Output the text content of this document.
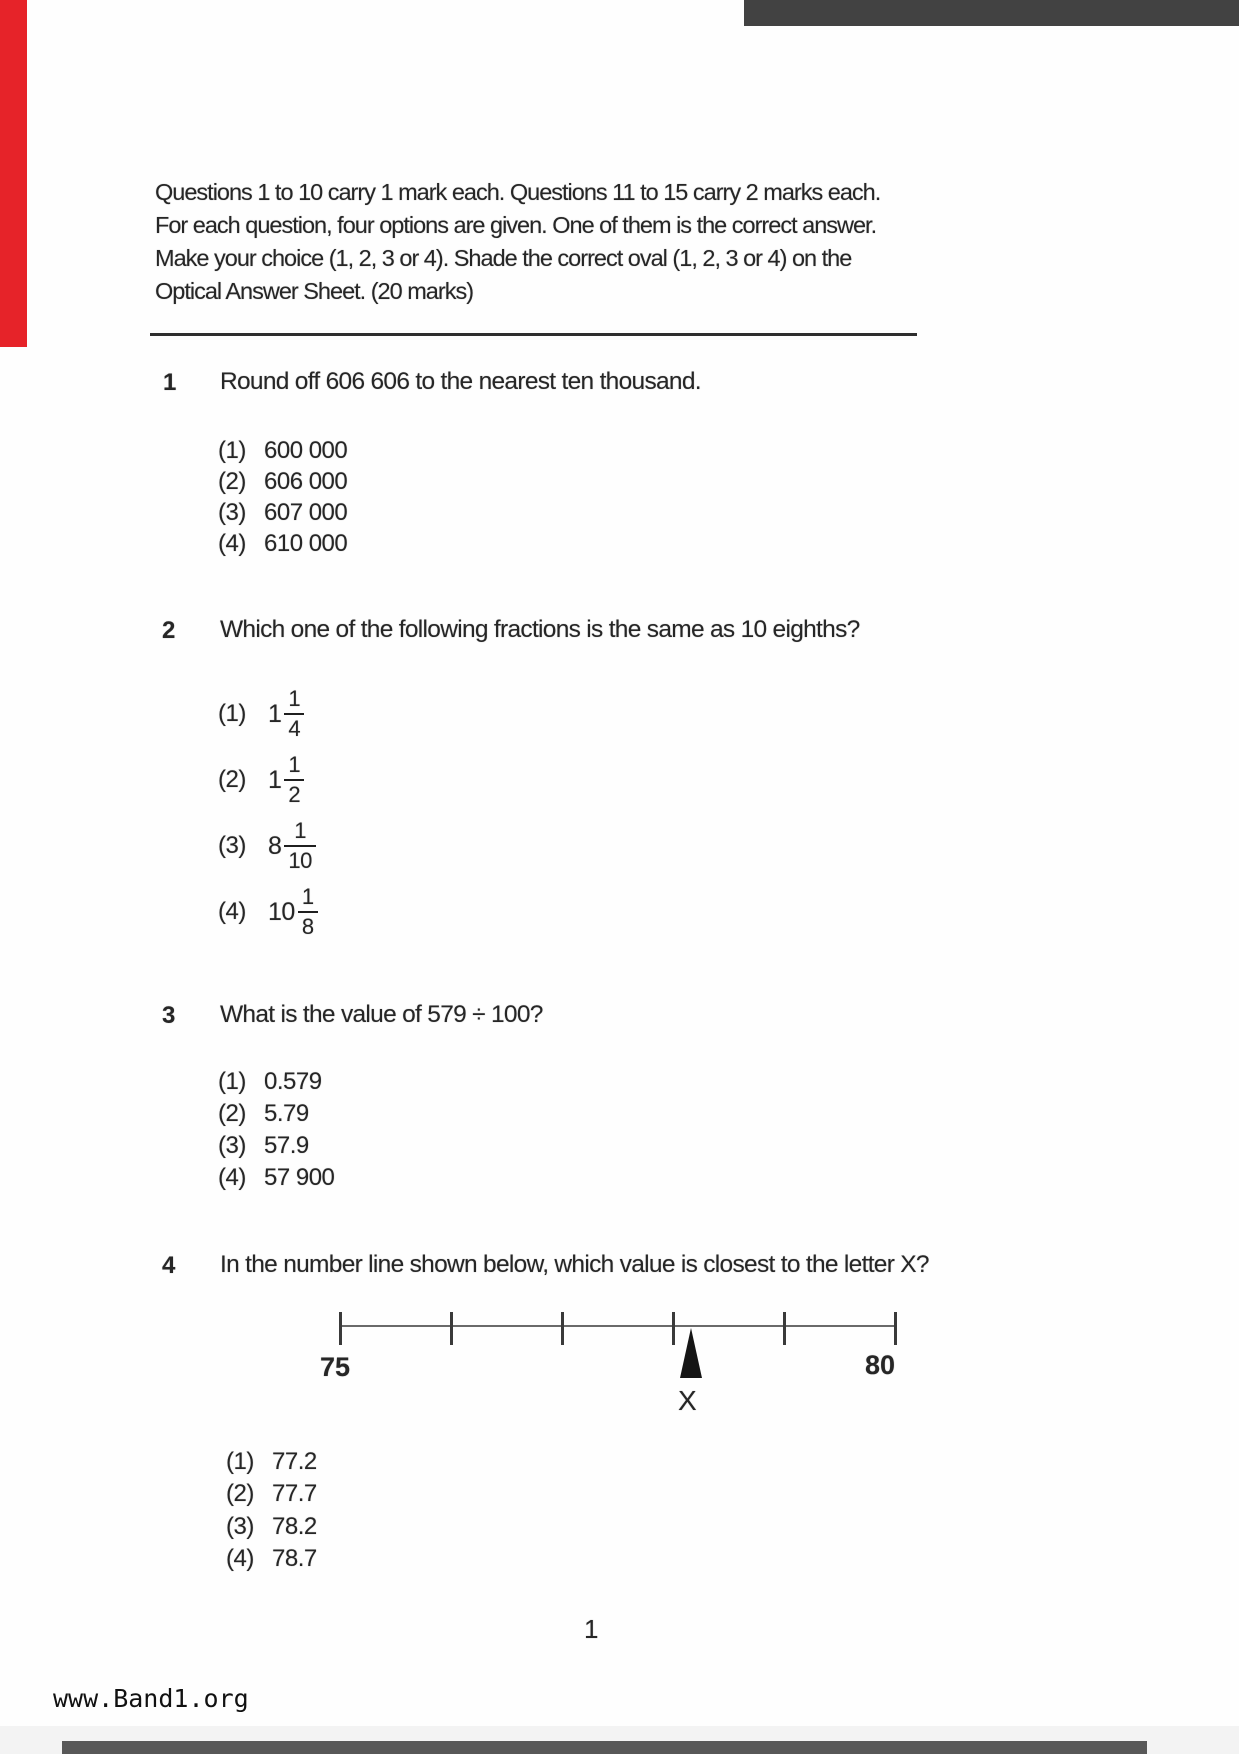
Questions 1 to 10 carry 1 mark each. Questions 11 to 15 carry 2 marks each.
For each question, four options are given. One of them is the correct answer.
Make your choice (1, 2, 3 or 4). Shade the correct oval (1, 2, 3 or 4) on the
Optical Answer Sheet. (20 marks)
1 Round off 606 606 to the nearest ten thousand.
(1) 600 000
(2) 606 000
(3) 607 000
(4) 610 000
2 Which one of the following fractions is the same as 10 eighths?
(1) $1 \frac{1}{4}$
(2) $1 \frac{1}{2}$
(3) $8 \frac{1}{10}$
(4) $10 \frac{1}{8}$
3 What is the value of 579 ÷ 100?
(1) 0.579
(2) 5.79
(3) 57.9
(4) 57 900
4 In the number line shown below, which value is closest to the letter X?
75	80
X
(1) 77.2
(2) 77.7
(3) 78.2
(4) 78.7
1
www.Band1.org
